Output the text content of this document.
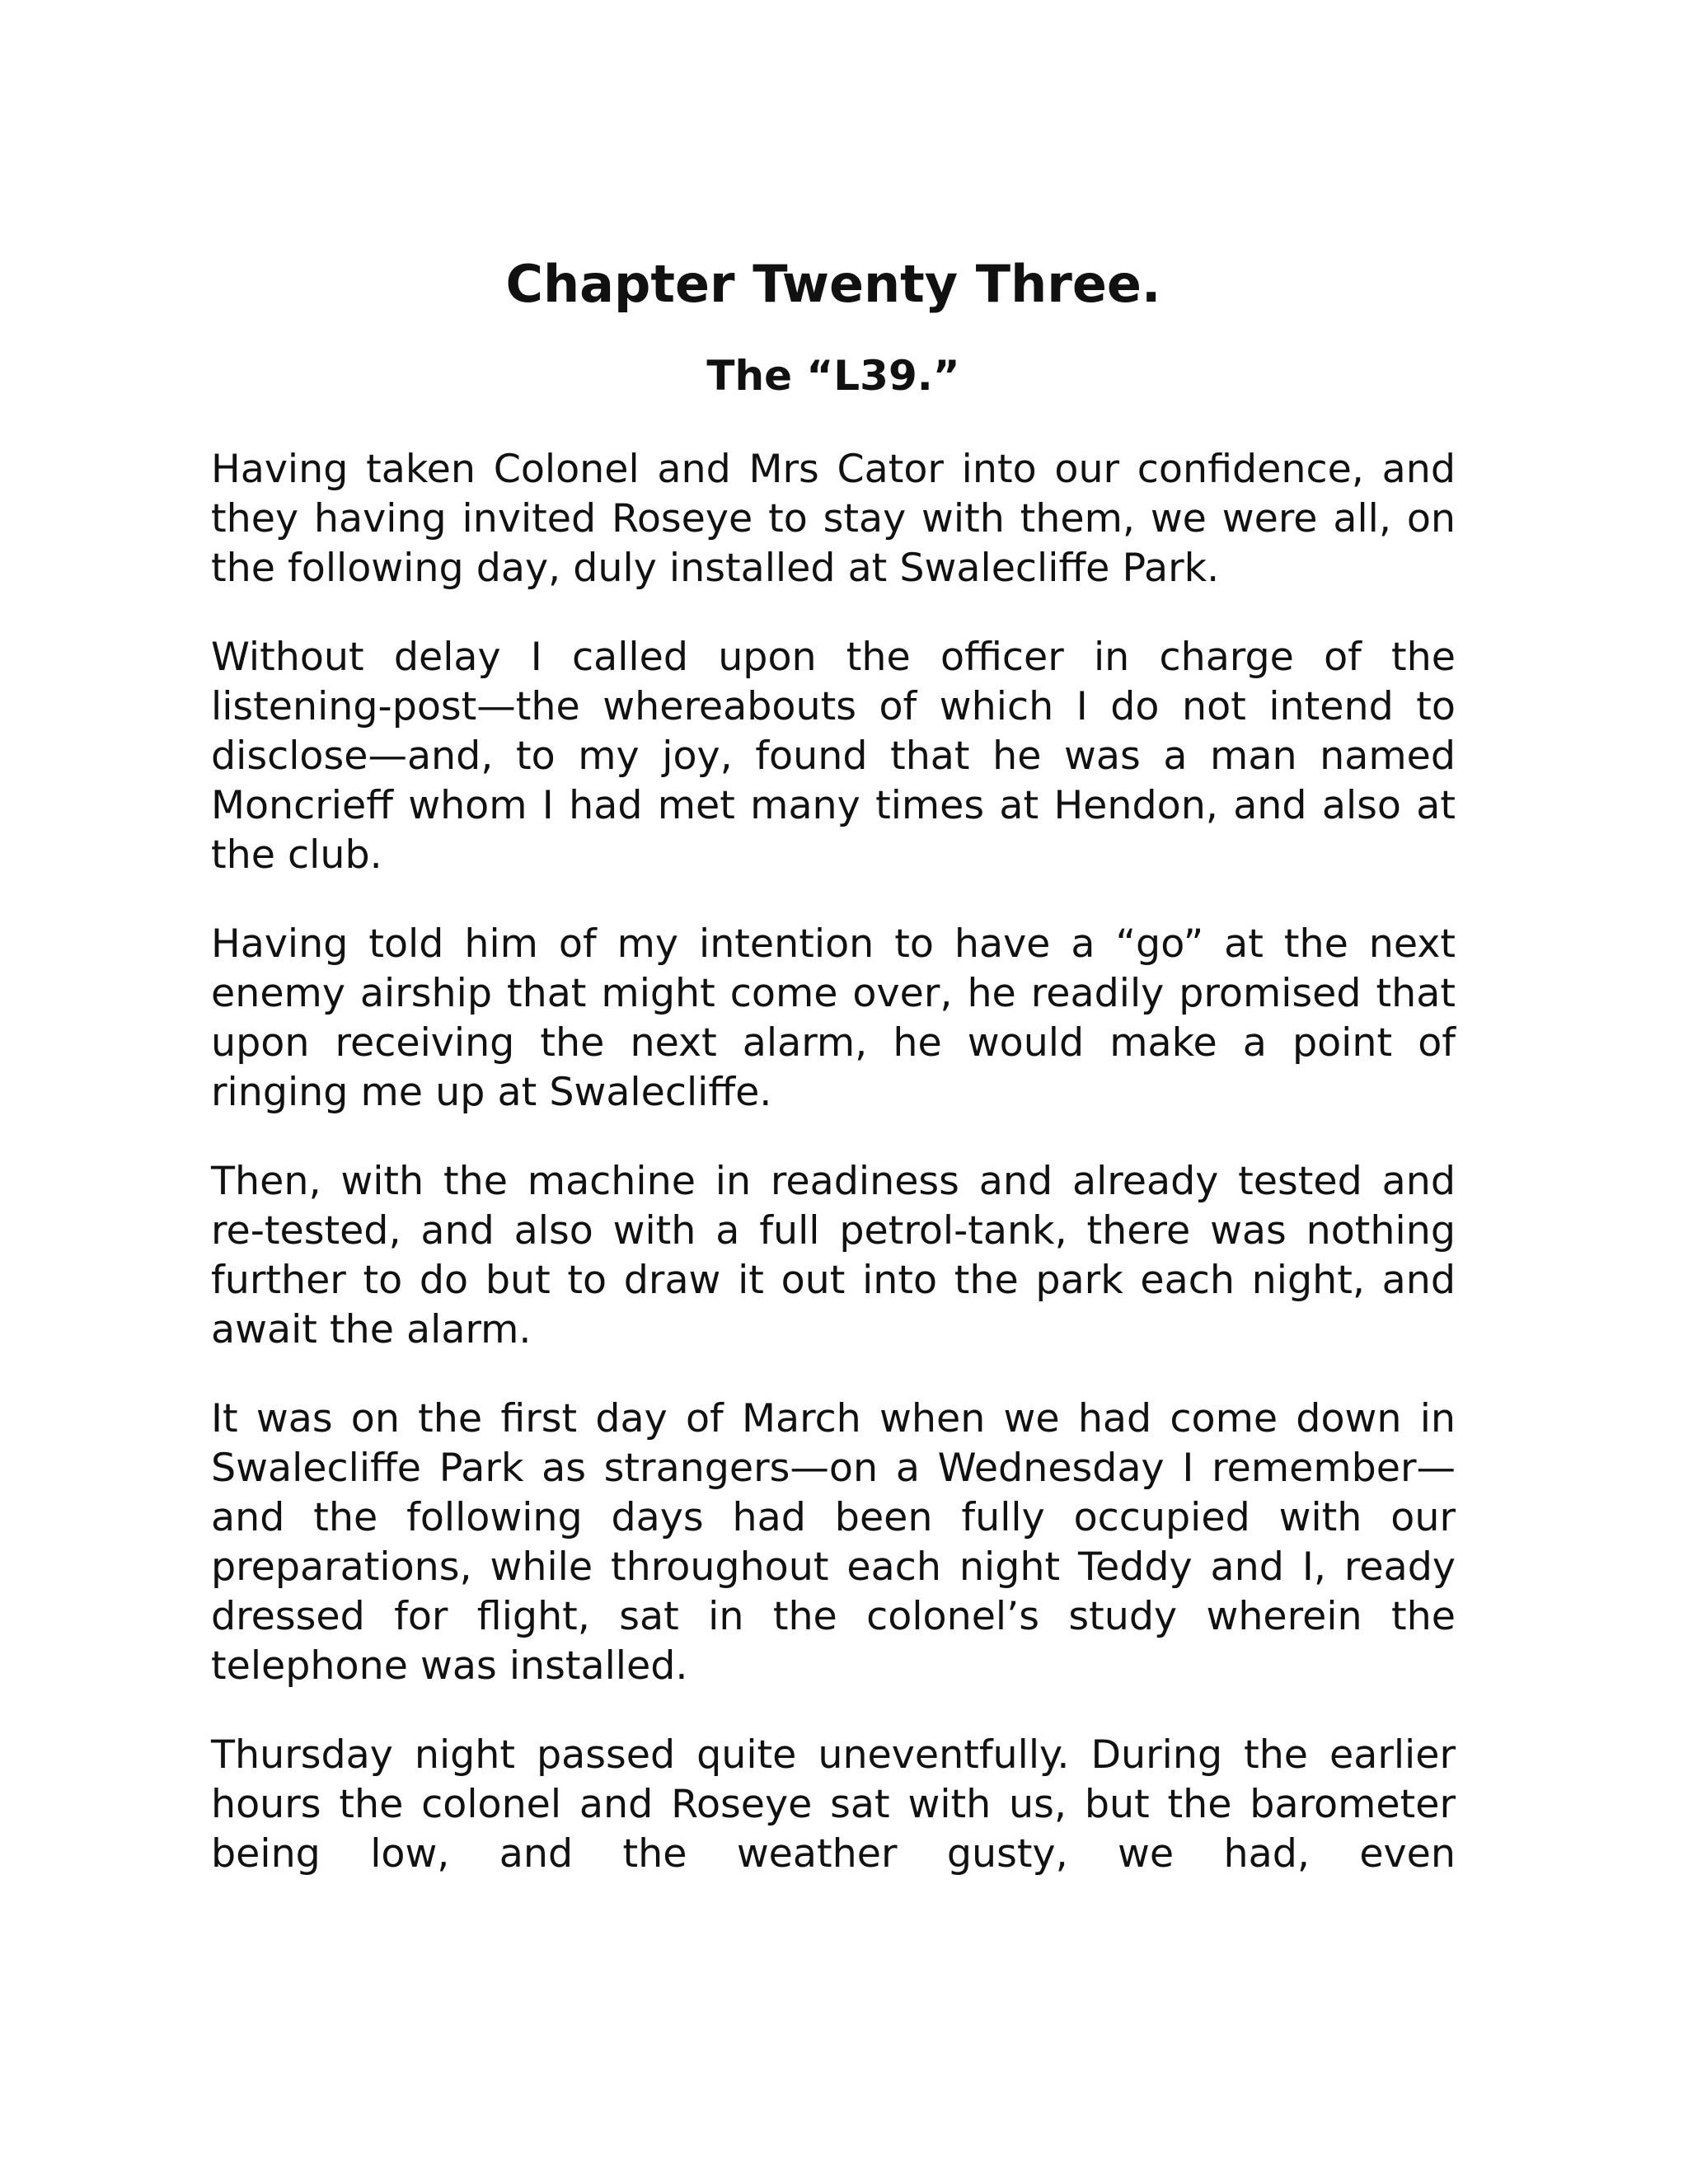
Chapter Twenty Three.
The “L39.”

Having taken Colonel and Mrs Cator into our confidence, and they having invited Roseye to stay with them, we were all, on the following day, duly installed at Swalecliffe Park.

Without delay I called upon the officer in charge of the listening-post—the whereabouts of which I do not intend to disclose—and, to my joy, found that he was a man named Moncrieff whom I had met many times at Hendon, and also at the club.

Having told him of my intention to have a “go” at the next enemy airship that might come over, he readily promised that upon receiving the next alarm, he would make a point of ringing me up at Swalecliffe.

Then, with the machine in readiness and already tested and re-tested, and also with a full petrol-tank, there was nothing further to do but to draw it out into the park each night, and await the alarm.

It was on the first day of March when we had come down in Swalecliffe Park as strangers—on a Wednesday I remember—and the following days had been fully occupied with our preparations, while throughout each night Teddy and I, ready dressed for flight, sat in the colonel’s study wherein the telephone was installed.

Thursday night passed quite uneventfully. During the earlier hours the colonel and Roseye sat with us, but the barometer being low, and the weather gusty, we had, even
